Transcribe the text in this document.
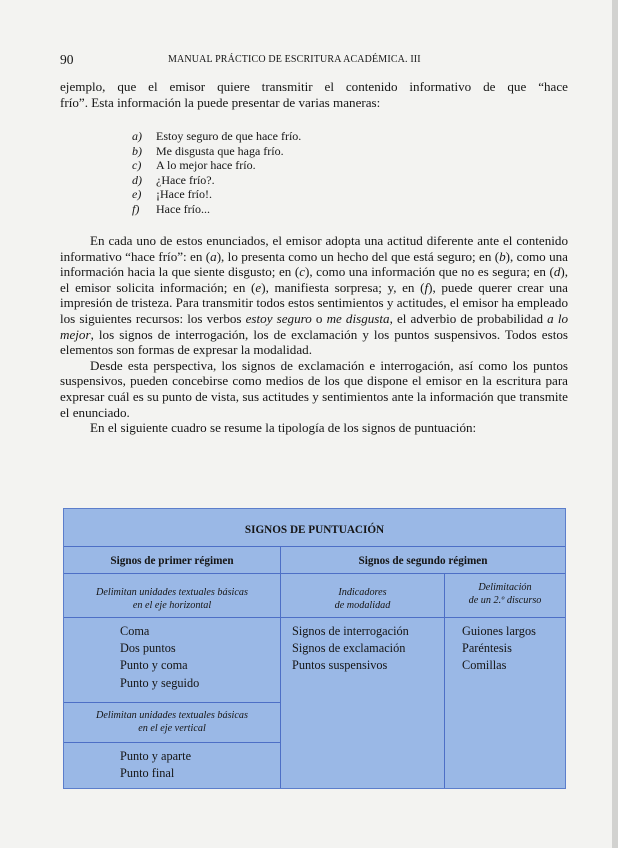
90	MANUAL PRÁCTICO DE ESCRITURA ACADÉMICA. III
ejemplo, que el emisor quiere transmitir el contenido informativo de que “hace
frío”. Esta información la puede presentar de varias maneras:
a) Estoy seguro de que hace frío.
b) Me disgusta que haga frío.
c) A lo mejor hace frío.
d) ¿Hace frío?.
e) ¡Hace frío!.
f) Hace frío...
En cada uno de estos enunciados, el emisor adopta una actitud diferente ante el contenido informativo “hace frío”: en (a), lo presenta como un hecho del que está seguro; en (b), como una información hacia la que siente disgusto; en (c), como una información que no es segura; en (d), el emisor solicita información; en (e), manifiesta sorpresa; y, en (f), puede querer crear una impresión de tristeza. Para transmitir todos estos sentimientos y actitudes, el emisor ha empleado los siguientes recursos: los verbos estoy seguro o me disgusta, el adverbio de probabilidad a lo mejor, los signos de interrogación, los de exclamación y los puntos suspensivos. Todos estos elementos son formas de expresar la modalidad.
Desde esta perspectiva, los signos de exclamación e interrogación, así como los puntos suspensivos, pueden concebirse como medios de los que dispone el emisor en la escritura para expresar cuál es su punto de vista, sus actitudes y sentimientos ante la información que transmite el enunciado.
En el siguiente cuadro se resume la tipología de los signos de puntuación:
SIGNOS DE PUNTUACIÓN
Signos de primer régimen	Signos de segundo régimen
Delimitan unidades textuales básicas
en el eje horizontal
Indicadores
de modalidad
Delimitación
de un 2.º discurso
Coma
Dos puntos
Punto y coma
Punto y seguido
Delimitan unidades textuales básicas
en el eje vertical
Punto y aparte
Punto final
Signos de interrogación
Signos de exclamación
Puntos suspensivos
Guiones largos
Paréntesis
Comillas
